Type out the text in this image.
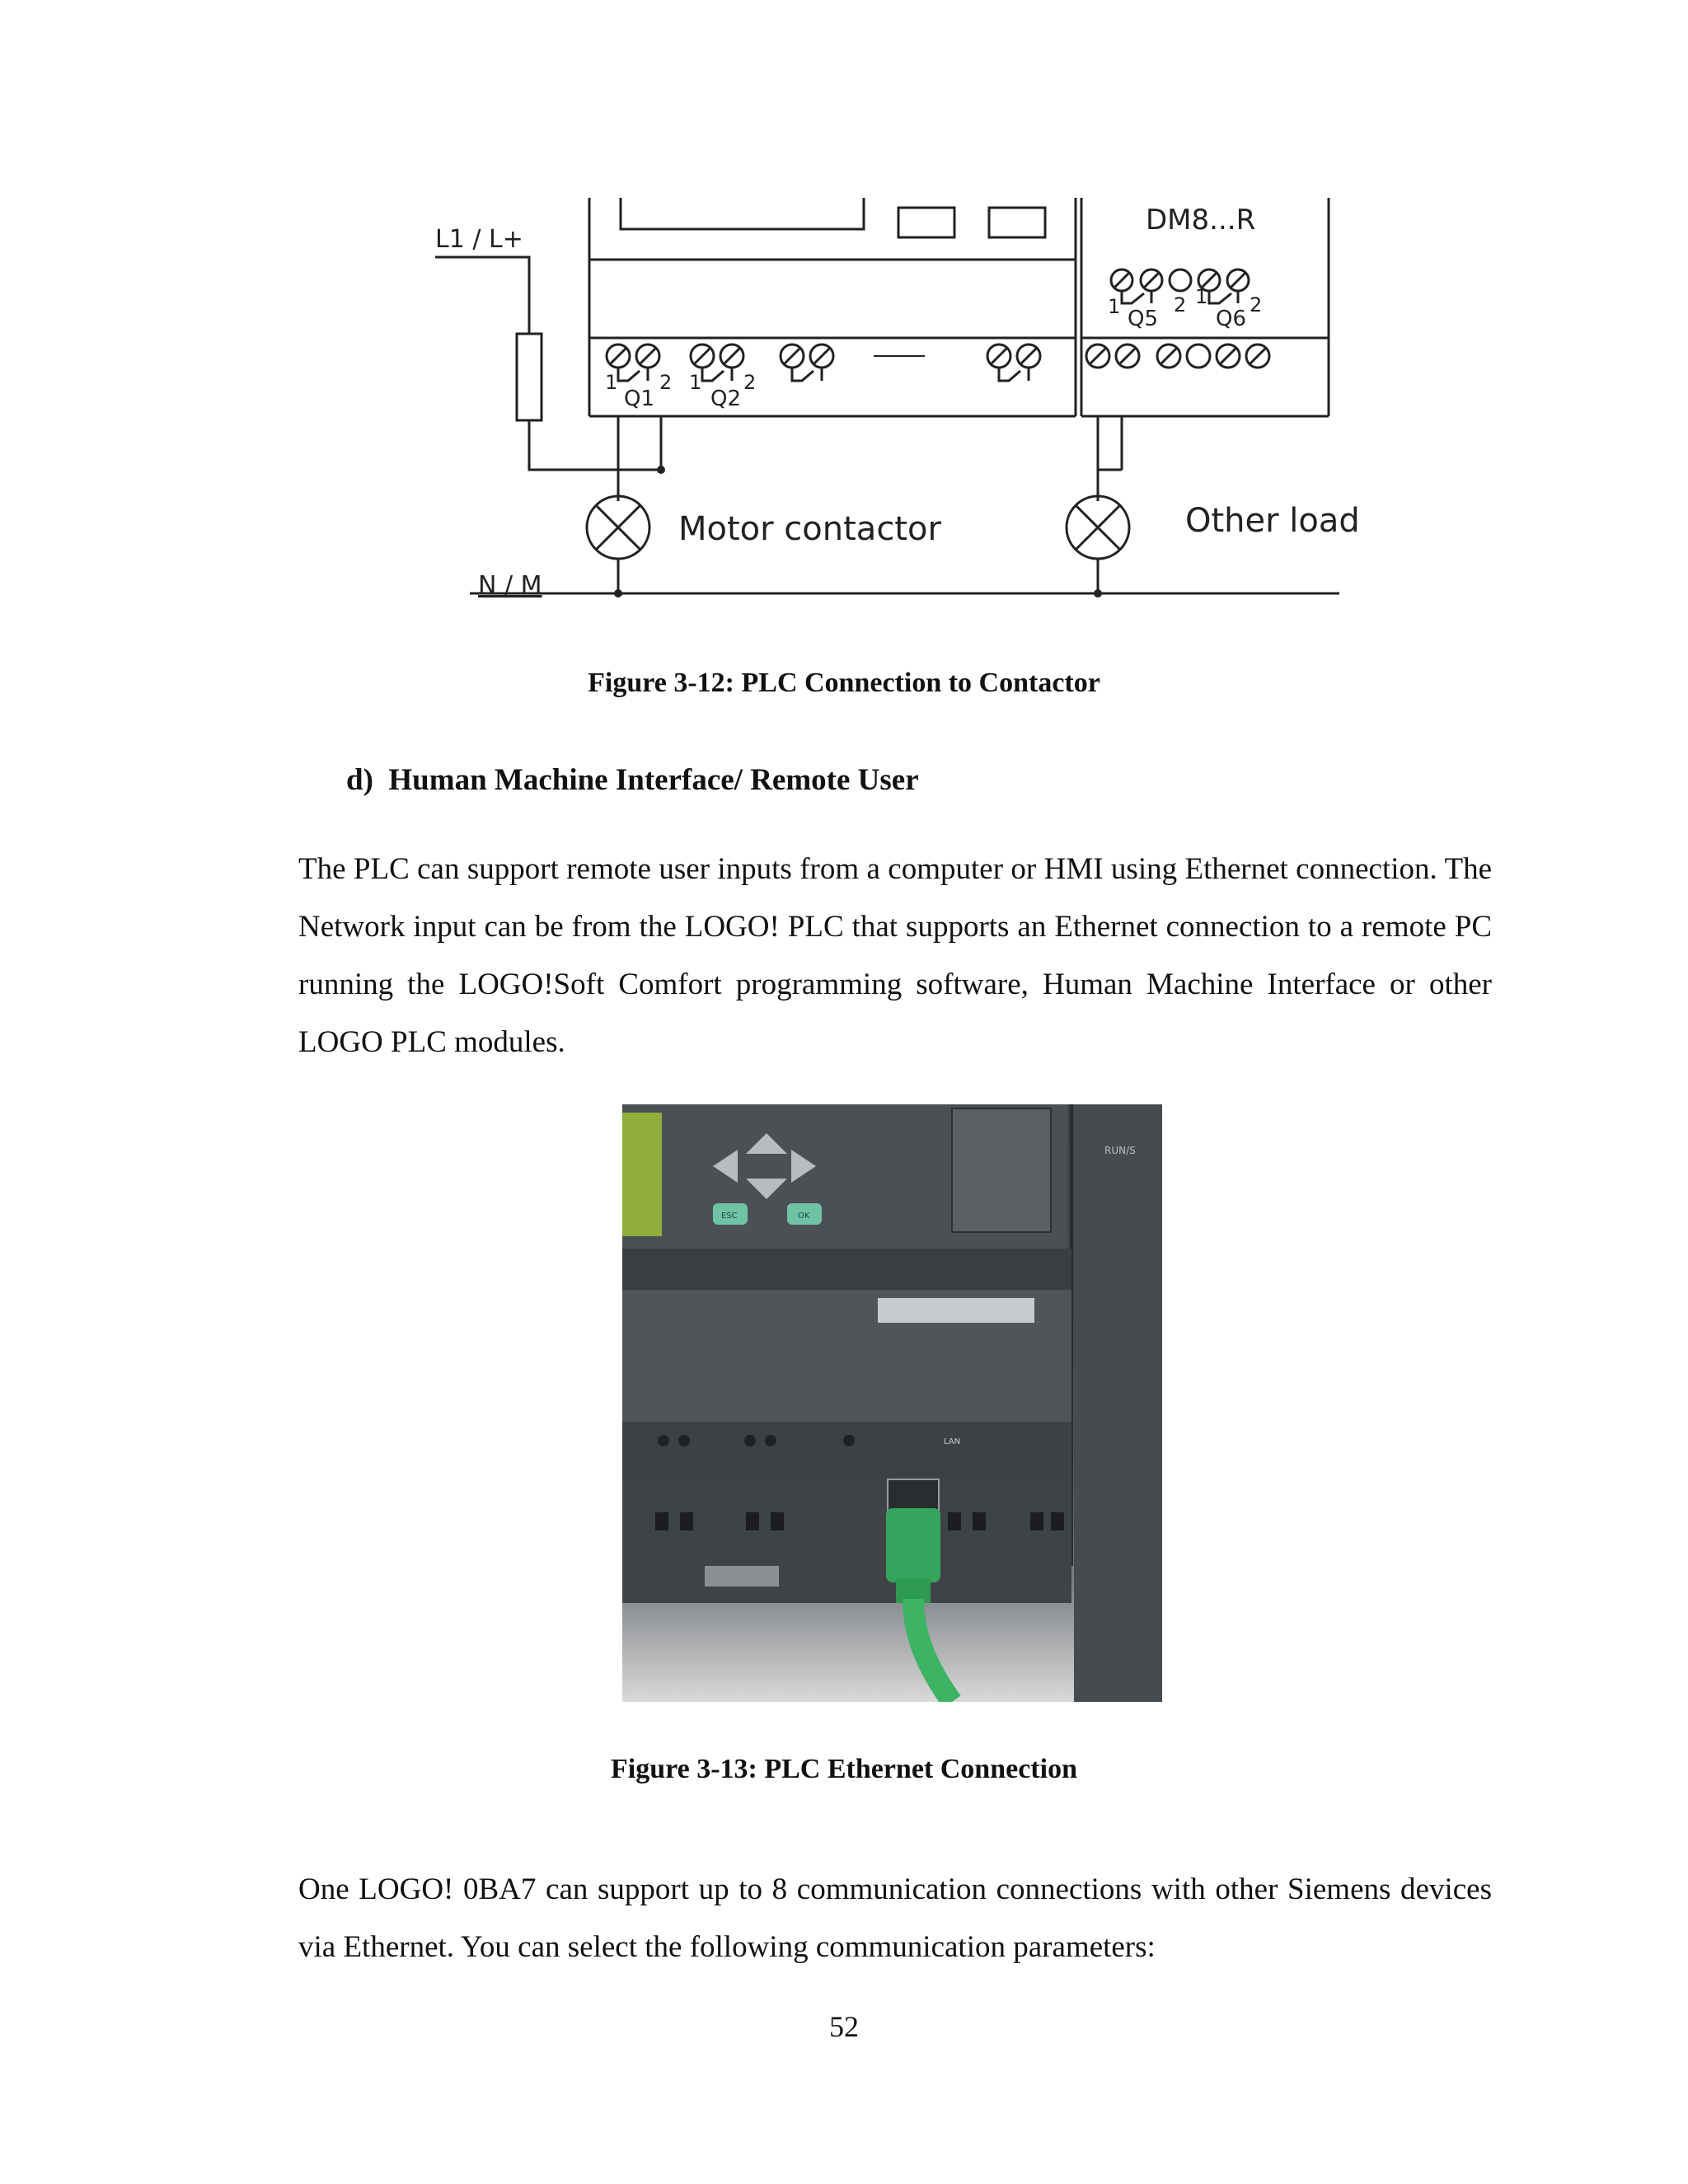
L1 / L+
N / M
DM8...R
Q1	Q2
Q5	Q6
1 2 1 2
1	2 1 2
Motor contactor	Other load
Figure 3-12: PLC Connection to Contactor
d)  Human Machine Interface/ Remote User
The PLC can support remote user inputs from a computer or HMI using Ethernet connection. The Network input can be from the LOGO! PLC that supports an Ethernet connection to a remote PC running the LOGO!Soft Comfort programming software, Human Machine Interface or other LOGO PLC modules.
ESC	OK
RUN/S
LAN
Figure 3-13: PLC Ethernet Connection
One LOGO! 0BA7 can support up to 8 communication connections with other Siemens devices via Ethernet. You can select the following communication parameters:
52
